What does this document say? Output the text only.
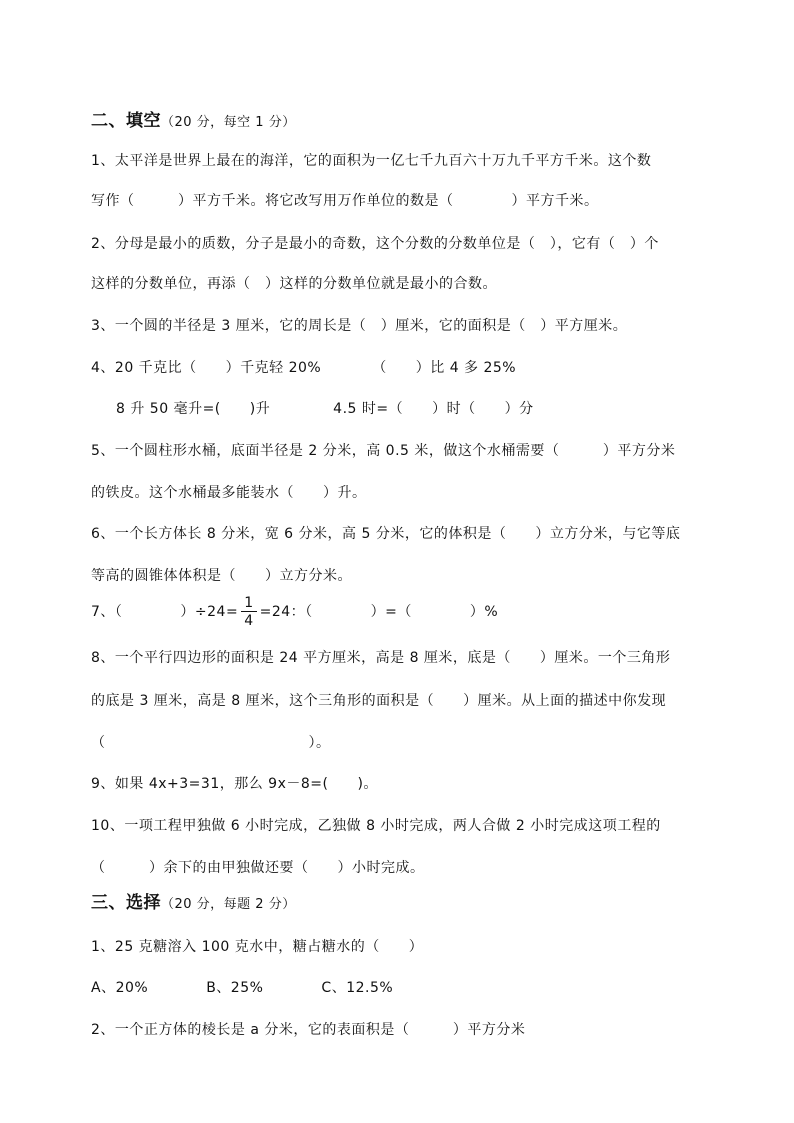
二、填空（20 分，每空 1 分）
1、太平洋是世界上最在的海洋，它的面积为一亿七千九百六十万九千平方千米。这个数
写作（　　　）平方千米。将它改写用万作单位的数是（　　　　）平方千米。
2、分母是最小的质数，分子是最小的奇数，这个分数的分数单位是（　），它有（　）个
这样的分数单位，再添（　）这样的分数单位就是最小的合数。
3、一个圆的半径是 3 厘米，它的周长是（　）厘米，它的面积是（　）平方厘米。
4、20 千克比（　　）千克轻 20%　　　　（　　）比 4 多 25%
8 升 50 毫升=(　　)升　　　　 4.5 时=（　　）时（　　）分
5、一个圆柱形水桶，底面半径是 2 分米，高 0.5 米，做这个水桶需要（　　　）平方分米
的铁皮。这个水桶最多能装水（　　）升。
6、一个长方体长 8 分米，宽 6 分米，高 5 分米，它的体积是（　　）立方分米，与它等底
等高的圆锥体体积是（　　）立方分米。
7、（　　　　）$\div 24= \frac{1}{4} =24$：（　　　　）=（　　　　）%
8、一个平行四边形的面积是 24 平方厘米，高是 8 厘米，底是（　　）厘米。一个三角形
的底是 3 厘米，高是 8 厘米，这个三角形的面积是（　　）厘米。从上面的描述中你发现
（　　　　　　　　　　　　　　）。
9、如果 4x+3=31，那么 9x－8=(　　)。
10、一项工程甲独做 6 小时完成，乙独做 8 小时完成，两人合做 2 小时完成这项工程的
（　　　）余下的由甲独做还要（　　）小时完成。
三、选择（20 分，每题 2 分）
1、25 克糖溶入 100 克水中，糖占糖水的（　　）
A、20%　　　　B、25%　　　　C、12.5%
2、一个正方体的棱长是 a 分米，它的表面积是（　　　）平方分米
